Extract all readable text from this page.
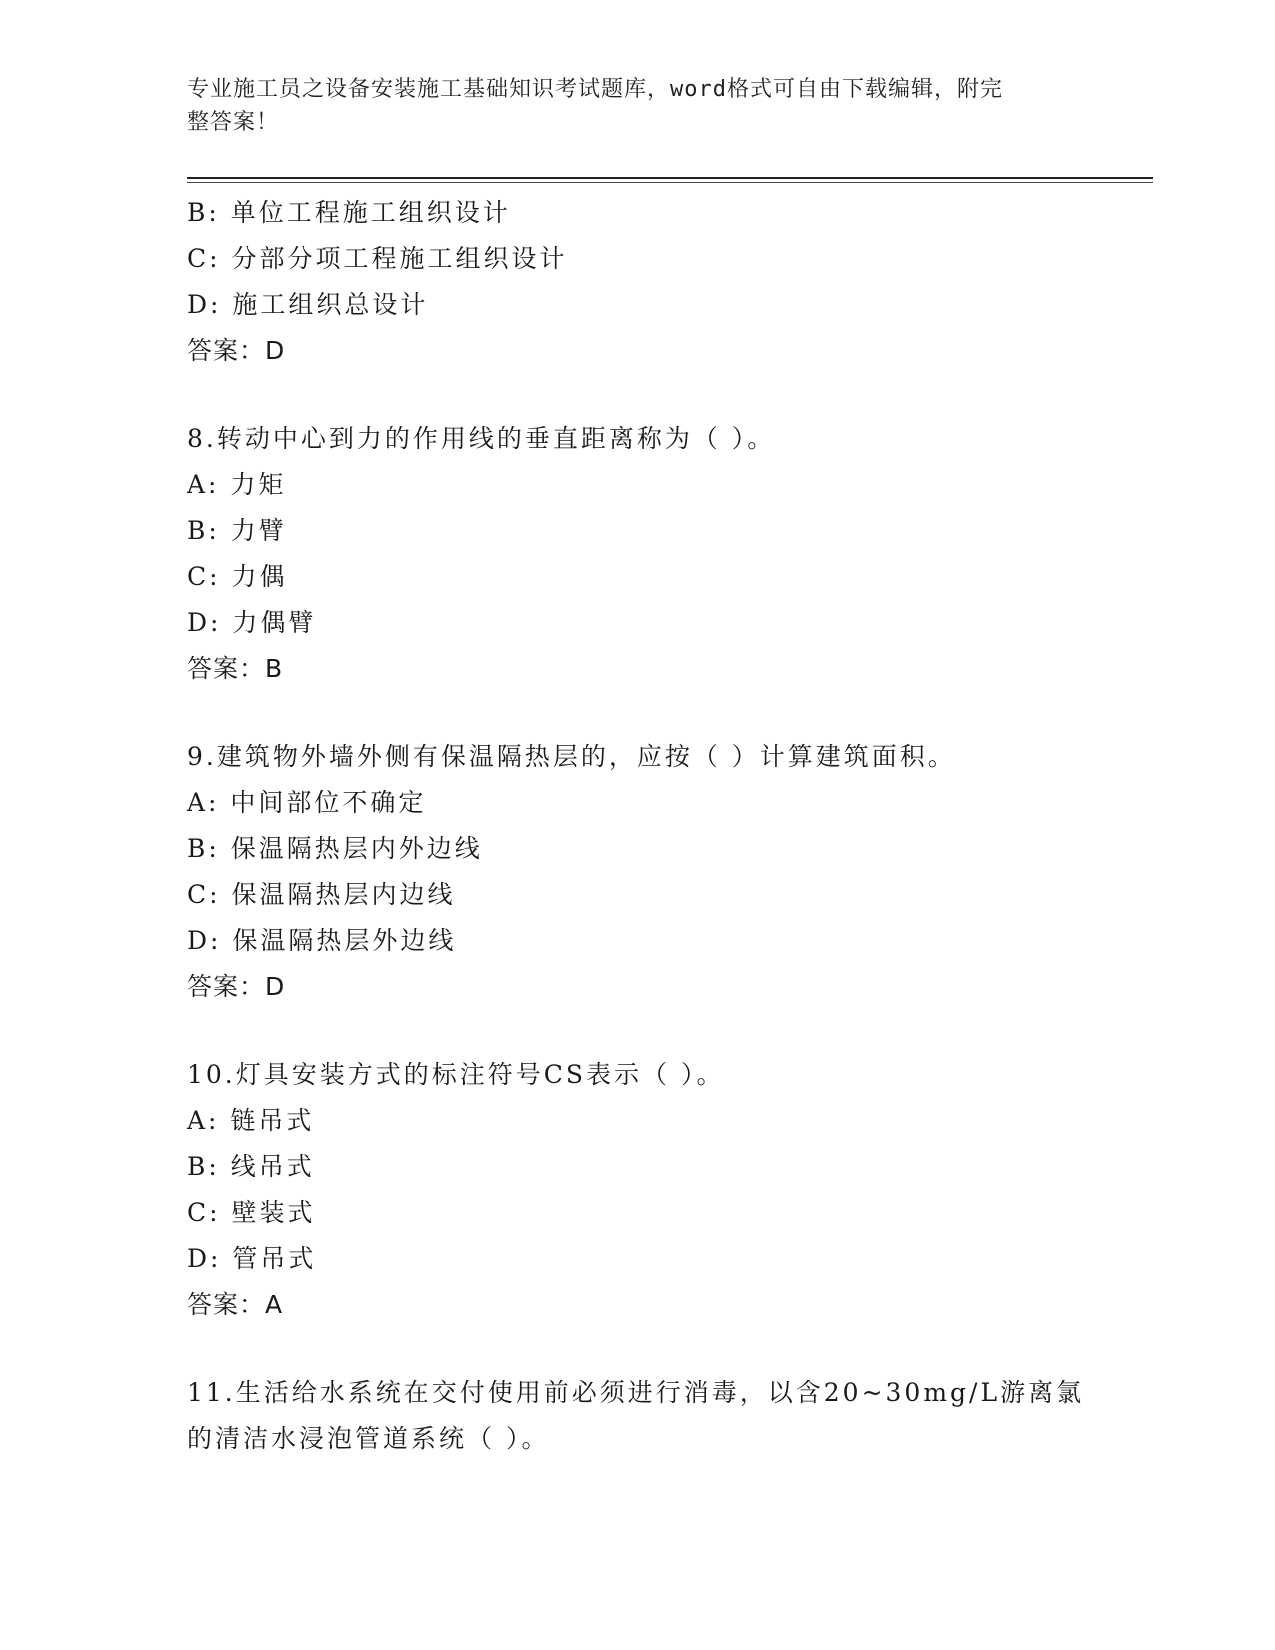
专业施工员之设备安装施工基础知识考试题库，word格式可自由下载编辑，附完
整答案！
B: 单位工程施工组织设计
C: 分部分项工程施工组织设计
D: 施工组织总设计
答案：D
8.转动中心到力的作用线的垂直距离称为（ ）。
A: 力矩
B: 力臂
C: 力偶
D: 力偶臂
答案：B
9.建筑物外墙外侧有保温隔热层的，应按（ ）计算建筑面积。
A: 中间部位不确定
B: 保温隔热层内外边线
C: 保温隔热层内边线
D: 保温隔热层外边线
答案：D
10.灯具安装方式的标注符号CS表示（ ）。
A: 链吊式
B: 线吊式
C: 壁装式
D: 管吊式
答案：A
11.生活给水系统在交付使用前必须进行消毒，以含20~30mg/L游离氯
的清洁水浸泡管道系统（ ）。
